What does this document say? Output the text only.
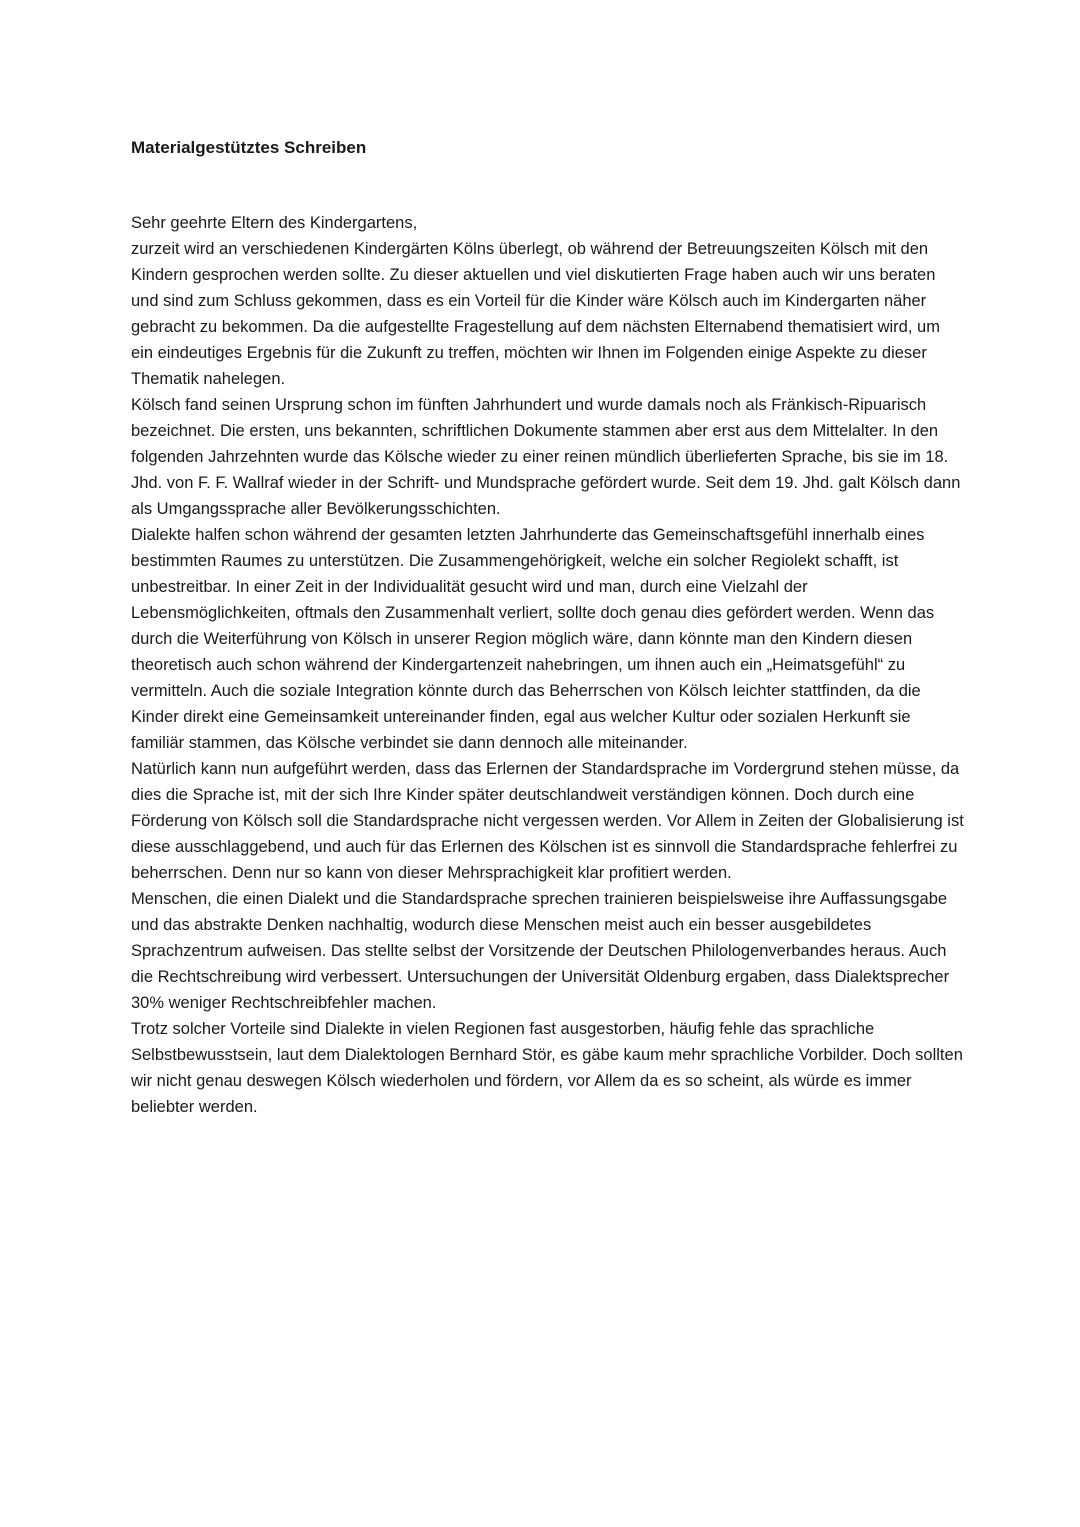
Materialgestütztes Schreiben

Sehr geehrte Eltern des Kindergartens,

zurzeit wird an verschiedenen Kindergärten Kölns überlegt, ob während der Betreuungszeiten Kölsch mit den Kindern gesprochen werden sollte. Zu dieser aktuellen und viel diskutierten Frage haben auch wir uns beraten und sind zum Schluss gekommen, dass es ein Vorteil für die Kinder wäre Kölsch auch im Kindergarten näher gebracht zu bekommen. Da die aufgestellte Fragestellung auf dem nächsten Elternabend thematisiert wird, um ein eindeutiges Ergebnis für die Zukunft zu treffen, möchten wir Ihnen im Folgenden einige Aspekte zu dieser Thematik nahelegen.

Kölsch fand seinen Ursprung schon im fünften Jahrhundert und wurde damals noch als Fränkisch-Ripuarisch bezeichnet. Die ersten, uns bekannten, schriftlichen Dokumente stammen aber erst aus dem Mittelalter. In den folgenden Jahrzehnten wurde das Kölsche wieder zu einer reinen mündlich überlieferten Sprache, bis sie im 18. Jhd. von F. F. Wallraf wieder in der Schrift- und Mundsprache gefördert wurde. Seit dem 19. Jhd. galt Kölsch dann als Umgangssprache aller Bevölkerungsschichten.

Dialekte halfen schon während der gesamten letzten Jahrhunderte das Gemeinschaftsgefühl innerhalb eines bestimmten Raumes zu unterstützen. Die Zusammengehörigkeit, welche ein solcher Regiolekt schafft, ist unbestreitbar. In einer Zeit in der Individualität gesucht wird und man, durch eine Vielzahl der Lebensmöglichkeiten, oftmals den Zusammenhalt verliert, sollte doch genau dies gefördert werden. Wenn das durch die Weiterführung von Kölsch in unserer Region möglich wäre, dann könnte man den Kindern diesen theoretisch auch schon während der Kindergartenzeit nahebringen, um ihnen auch ein „Heimatsgefühl“ zu vermitteln. Auch die soziale Integration könnte durch das Beherrschen von Kölsch leichter stattfinden, da die Kinder direkt eine Gemeinsamkeit untereinander finden, egal aus welcher Kultur oder sozialen Herkunft sie familiär stammen, das Kölsche verbindet sie dann dennoch alle miteinander.

Natürlich kann nun aufgeführt werden, dass das Erlernen der Standardsprache im Vordergrund stehen müsse, da dies die Sprache ist, mit der sich Ihre Kinder später deutschlandweit verständigen können. Doch durch eine Förderung von Kölsch soll die Standardsprache nicht vergessen werden. Vor Allem in Zeiten der Globalisierung ist diese ausschlaggebend, und auch für das Erlernen des Kölschen ist es sinnvoll die Standardsprache fehlerfrei zu beherrschen. Denn nur so kann von dieser Mehrsprachigkeit klar profitiert werden.

Menschen, die einen Dialekt und die Standardsprache sprechen trainieren beispielsweise ihre Auffassungsgabe und das abstrakte Denken nachhaltig, wodurch diese Menschen meist auch ein besser ausgebildetes Sprachzentrum aufweisen. Das stellte selbst der Vorsitzende der Deutschen Philologenverbandes heraus. Auch die Rechtschreibung wird verbessert. Untersuchungen der Universität Oldenburg ergaben, dass Dialektsprecher 30% weniger Rechtschreibfehler machen.

Trotz solcher Vorteile sind Dialekte in vielen Regionen fast ausgestorben, häufig fehle das sprachliche Selbstbewusstsein, laut dem Dialektologen Bernhard Stör, es gäbe kaum mehr sprachliche Vorbilder. Doch sollten wir nicht genau deswegen Kölsch wiederholen und fördern, vor Allem da es so scheint, als würde es immer beliebter werden.
